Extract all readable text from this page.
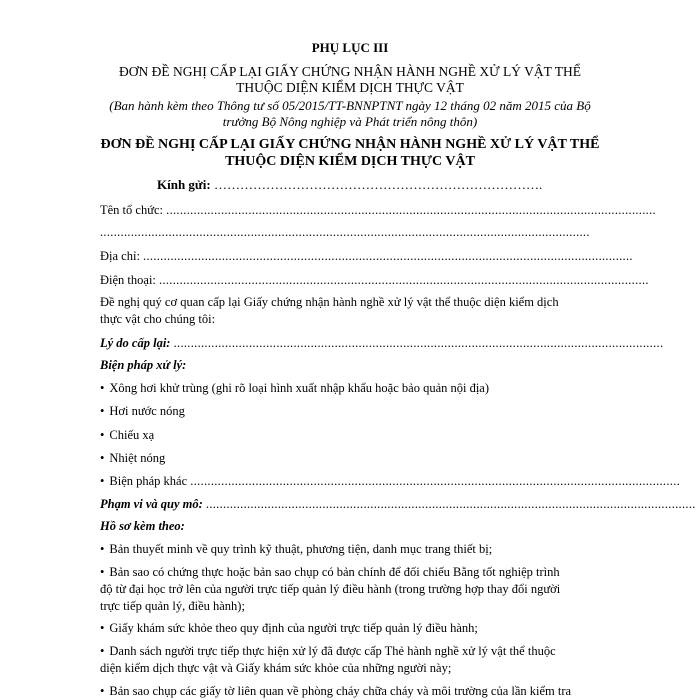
PHỤ LỤC III
ĐƠN ĐỀ NGHỊ CẤP LẠI GIẤY CHỨNG NHẬN HÀNH NGHỀ XỬ LÝ VẬT THỂ
THUỘC DIỆN KIỂM DỊCH THỰC VẬT
(Ban hành kèm theo Thông tư số 05/2015/TT-BNNPTNT ngày 12 tháng 02 năm 2015 của Bộ
trưởng Bộ Nông nghiệp và Phát triển nông thôn)
ĐƠN ĐỀ NGHỊ CẤP LẠI GIẤY CHỨNG NHẬN HÀNH NGHỀ XỬ LÝ VẬT THỂ
THUỘC DIỆN KIỂM DỊCH THỰC VẬT
Kính gửi: ………………………………………………………………….
Tên tổ chức: ...............................................................................................................................................
...............................................................................................................................................
Địa chỉ: ...............................................................................................................................................
Điện thoại: ...............................................................................................................................................
Đề nghị quý cơ quan cấp lại Giấy chứng nhận hành nghề xử lý vật thể thuộc diện kiểm dịch
thực vật cho chúng tôi:
Lý do cấp lại: ...............................................................................................................................................
Biện pháp xử lý:
• Xông hơi khử trùng (ghi rõ loại hình xuất nhập khẩu hoặc bảo quản nội địa)
• Hơi nước nóng
• Chiếu xạ
• Nhiệt nóng
• Biện pháp khác ...............................................................................................................................................
Phạm vi và quy mô: ...............................................................................................................................................
Hồ sơ kèm theo:
• Bản thuyết minh về quy trình kỹ thuật, phương tiện, danh mục trang thiết bị;
• Bản sao có chứng thực hoặc bản sao chụp có bản chính để đối chiếu Bằng tốt nghiệp trình
độ từ đại học trở lên của người trực tiếp quản lý điều hành (trong trường hợp thay đổi người
trực tiếp quản lý, điều hành);
• Giấy khám sức khỏe theo quy định của người trực tiếp quản lý điều hành;
• Danh sách người trực tiếp thực hiện xử lý đã được cấp Thẻ hành nghề xử lý vật thể thuộc
diện kiểm dịch thực vật và Giấy khám sức khỏe của những người này;
• Bản sao chụp các giấy tờ liên quan về phòng cháy chữa cháy và môi trường của lần kiểm tra
